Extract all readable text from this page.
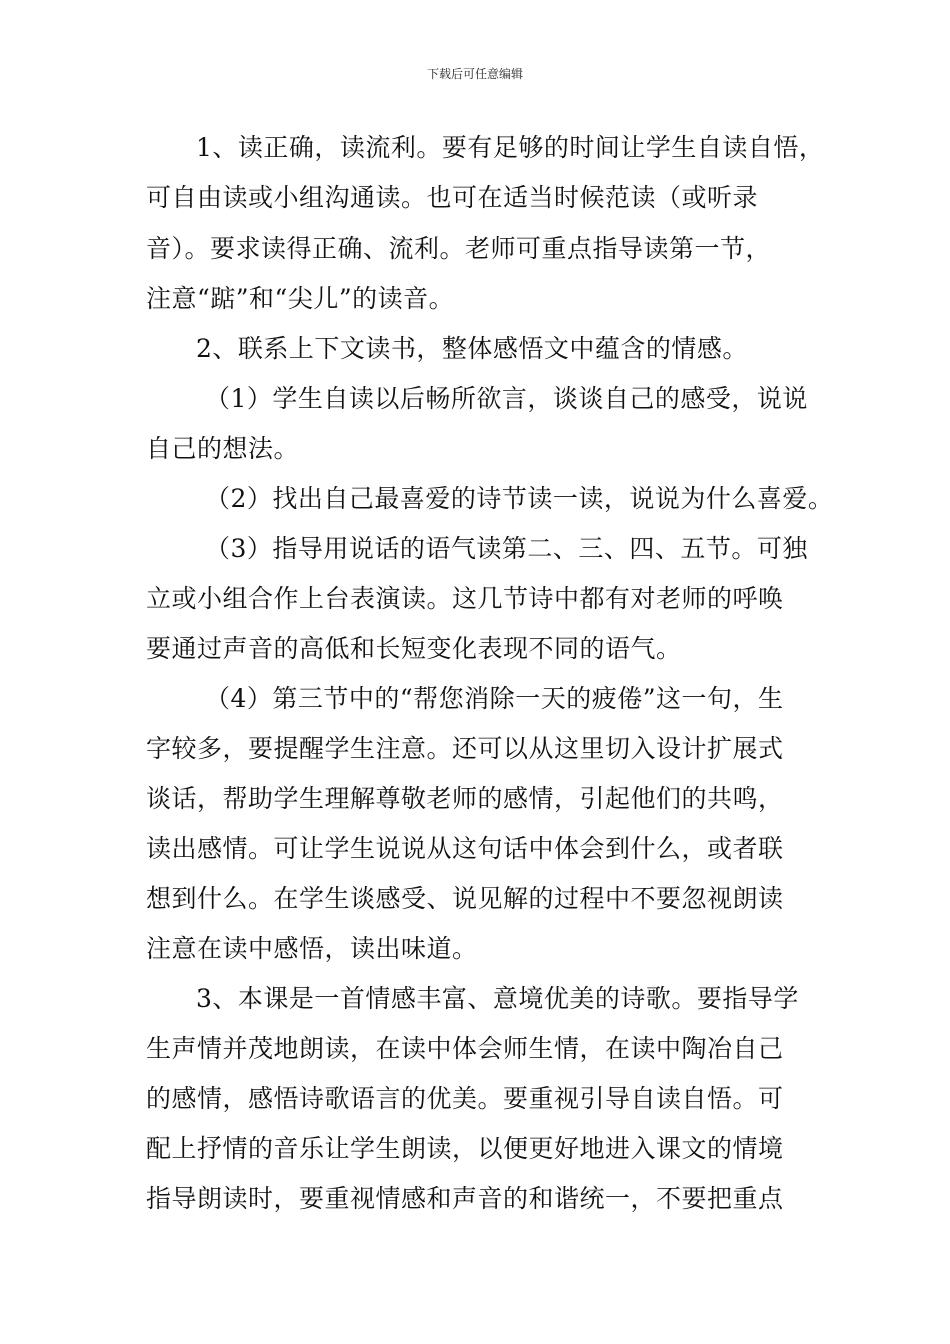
下载后可任意编辑
1、读正确，读流利。要有足够的时间让学生自读自悟，
可自由读或小组沟通读。也可在适当时候范读（或听录
音）。要求读得正确、流利。老师可重点指导读第一节，
注意“踮”和“尖儿”的读音。
2、联系上下文读书，整体感悟文中蕴含的情感。
（1）学生自读以后畅所欲言，谈谈自己的感受，说说
自己的想法。
（2）找出自己最喜爱的诗节读一读，说说为什么喜爱。
（3）指导用说话的语气读第二、三、四、五节。可独
立或小组合作上台表演读。这几节诗中都有对老师的呼唤
要通过声音的高低和长短变化表现不同的语气。
（4）第三节中的“帮您消除一天的疲倦”这一句，生
字较多，要提醒学生注意。还可以从这里切入设计扩展式
谈话，帮助学生理解尊敬老师的感情，引起他们的共鸣，
读出感情。可让学生说说从这句话中体会到什么，或者联
想到什么。在学生谈感受、说见解的过程中不要忽视朗读
注意在读中感悟，读出味道。
3、本课是一首情感丰富、意境优美的诗歌。要指导学
生声情并茂地朗读，在读中体会师生情，在读中陶冶自己
的感情，感悟诗歌语言的优美。要重视引导自读自悟。可
配上抒情的音乐让学生朗读，以便更好地进入课文的情境
指导朗读时，要重视情感和声音的和谐统一，不要把重点
